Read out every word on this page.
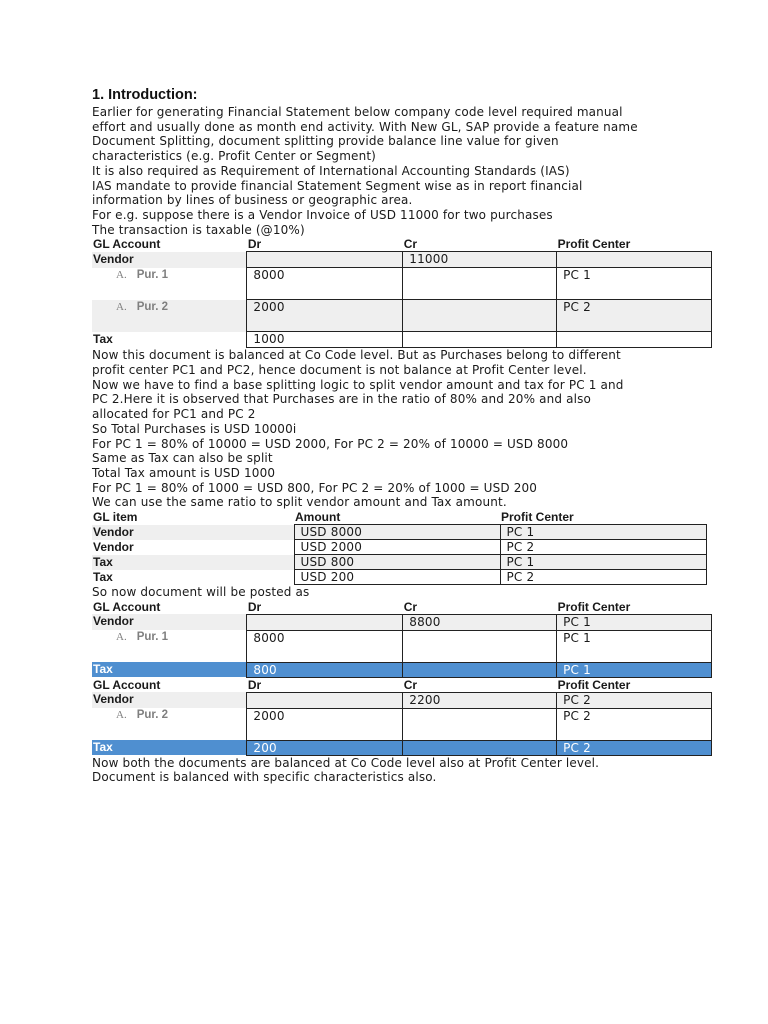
1. Introduction:
Earlier for generating Financial Statement below company code level required manual
effort and usually done as month end activity. With New GL, SAP provide a feature name
Document Splitting, document splitting provide balance line value for given
characteristics (e.g. Profit Center or Segment)
It is also required as Requirement of International Accounting Standards (IAS)
IAS mandate to provide financial Statement Segment wise as in report financial
information by lines of business or geographic area.
For e.g. suppose there is a Vendor Invoice of USD 11000 for two purchases
The transaction is taxable (@10%)
GL Account	Dr	Cr	Profit Center
Vendor		11000	
A. Pur. 1	8000		PC 1
A. Pur. 2	2000		PC 2
Tax	1000		
Now this document is balanced at Co Code level. But as Purchases belong to different
profit center PC1 and PC2, hence document is not balance at Profit Center level.
Now we have to find a base splitting logic to split vendor amount and tax for PC 1 and
PC 2.Here it is observed that Purchases are in the ratio of 80% and 20% and also
allocated for PC1 and PC 2
So Total Purchases is USD 10000i
For PC 1 = 80% of 10000 = USD 2000, For PC 2 = 20% of 10000 = USD 8000
Same as Tax can also be split
Total Tax amount is USD 1000
For PC 1 = 80% of 1000 = USD 800, For PC 2 = 20% of 1000 = USD 200
We can use the same ratio to split vendor amount and Tax amount.
GL item	Amount	Profit Center
Vendor	USD 8000	PC 1
Vendor	USD 2000	PC 2
Tax	USD 800	PC 1
Tax	USD 200	PC 2
So now document will be posted as
GL Account	Dr	Cr	Profit Center
Vendor		8800	PC 1
A. Pur. 1	8000		PC 1
Tax	800		PC 1
GL Account	Dr	Cr	Profit Center
Vendor		2200	PC 2
A. Pur. 2	2000		PC 2
Tax	200		PC 2
Now both the documents are balanced at Co Code level also at Profit Center level.
Document is balanced with specific characteristics also.
